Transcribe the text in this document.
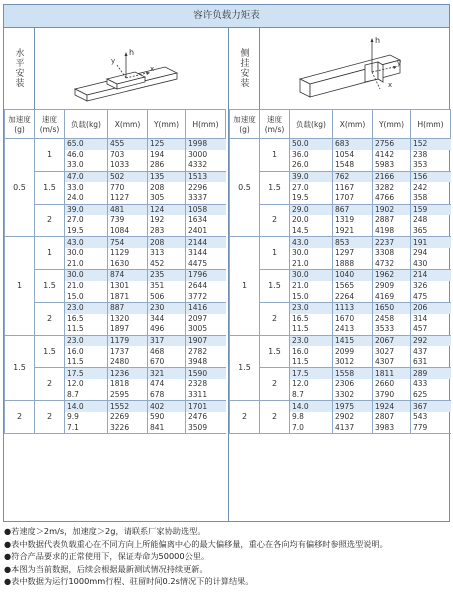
容许负载力矩表
水平安装	h
x
y
加速度(g)	速度(m/s)	负载(kg)	X(mm)	Y(mm)	H(mm)
0.5	1	65.0	455	125	1998
		46.0	703	194	3000
		33.0	1033	286	4332
	1.5	47.0	502	135	1513
		33.0	770	208	2296
		24.0	1127	305	3337
	2	39.0	481	124	1058
		27.0	739	192	1634
		19.5	1084	283	2401
1	1	43.0	754	208	2144
		30.0	1129	313	3144
		21.0	1630	452	4475
	1.5	30.0	874	235	1796
		21.0	1301	351	2644
		15.0	1871	506	3772
	2	23.0	887	230	1416
		16.5	1320	344	2097
		11.5	1897	496	3005
1.5	1.5	23.0	1179	317	1907
		16.0	1737	468	2782
		11.5	2480	670	3948
	2	17.5	1236	321	1590
		12.0	1818	474	2328
		8.7	2595	678	3311
2	2	14.0	1552	402	1701
		9.9	2269	590	2476
		7.1	3226	841	3509
侧挂安装
h
x
y
加速度(g)	速度(m/s)	负载(kg)	X(mm)	Y(mm)	H(mm)
0.5	1	50.0	683	2756	152
		36.0	1054	4142	238
		26.0	1548	5983	353
	1.5	39.0	762	2166	156
		27.0	1167	3282	242
		19.5	1707	4766	358
	2	29.0	867	1902	159
		20.0	1319	2887	248
		14.5	1921	4198	365
1	1	43.0	853	2237	191
		30.0	1297	3308	294
		21.0	1888	4732	430
	1.5	30.0	1040	1962	214
		21.0	1565	2909	326
		15.0	2264	4169	475
	2	23.0	1113	1650	206
		16.5	1670	2458	314
		11.5	2413	3533	457
1.5	1.5	23.0	1415	2067	292
		16.0	2099	3027	437
		11.5	3012	4307	631
	2	17.5	1558	1811	289
		12.0	2306	2660	433
		8.7	3302	3790	625
2	2	14.0	1975	1924	367
		9.8	2902	2807	543
		7.0	4137	3983	779
●若速度＞2m/s，加速度＞2g，请联系厂家协助选型。
●表中数据代表负载重心在不同方向上所能偏离中心的最大偏移量，重心在各向均有偏移时参照选型说明。
●符合产品要求的正常使用下，保证寿命为50000公里。
●本图为当前数据，后续会根据最新测试情况持续更新。
●表中数据为运行1000mm行程、驻留时间0.2s情况下的计算结果。
